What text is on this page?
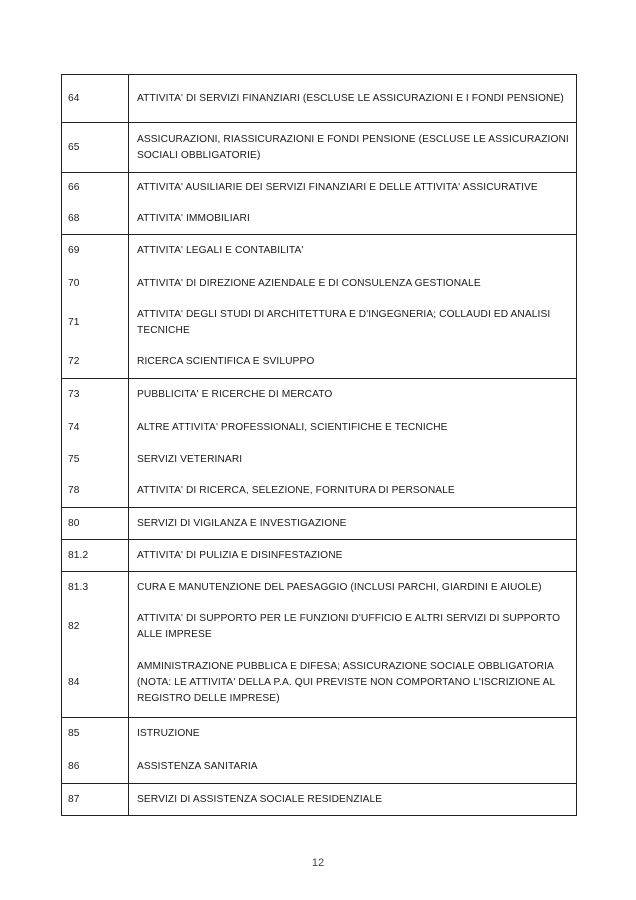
64	ATTIVITA' DI SERVIZI FINANZIARI (ESCLUSE LE ASSICURAZIONI E I FONDI PENSIONE)
65	ASSICURAZIONI, RIASSICURAZIONI E FONDI PENSIONE (ESCLUSE LE ASSICURAZIONI SOCIALI OBBLIGATORIE)
66	ATTIVITA' AUSILIARIE DEI SERVIZI FINANZIARI E DELLE ATTIVITA' ASSICURATIVE
68	ATTIVITA' IMMOBILIARI
69	ATTIVITA' LEGALI E CONTABILITA'
70	ATTIVITA' DI DIREZIONE AZIENDALE E DI CONSULENZA GESTIONALE
71	ATTIVITA' DEGLI STUDI DI ARCHITETTURA E D'INGEGNERIA; COLLAUDI ED ANALISI TECNICHE
72	RICERCA SCIENTIFICA E SVILUPPO
73	PUBBLICITA' E RICERCHE DI MERCATO
74	ALTRE ATTIVITA' PROFESSIONALI, SCIENTIFICHE E TECNICHE
75	SERVIZI VETERINARI
78	ATTIVITA' DI RICERCA, SELEZIONE, FORNITURA DI PERSONALE
80	SERVIZI DI VIGILANZA E INVESTIGAZIONE
81.2	ATTIVITA' DI PULIZIA E DISINFESTAZIONE
81.3	CURA E MANUTENZIONE DEL PAESAGGIO (INCLUSI PARCHI, GIARDINI E AIUOLE)
82	ATTIVITA' DI SUPPORTO PER LE FUNZIONI D'UFFICIO E ALTRI SERVIZI DI SUPPORTO ALLE IMPRESE
84	AMMINISTRAZIONE PUBBLICA E DIFESA; ASSICURAZIONE SOCIALE OBBLIGATORIA (NOTA: LE ATTIVITA' DELLA P.A. QUI PREVISTE NON COMPORTANO L'ISCRIZIONE AL REGISTRO DELLE IMPRESE)
85	ISTRUZIONE
86	ASSISTENZA SANITARIA
87	SERVIZI DI ASSISTENZA SOCIALE RESIDENZIALE
12
